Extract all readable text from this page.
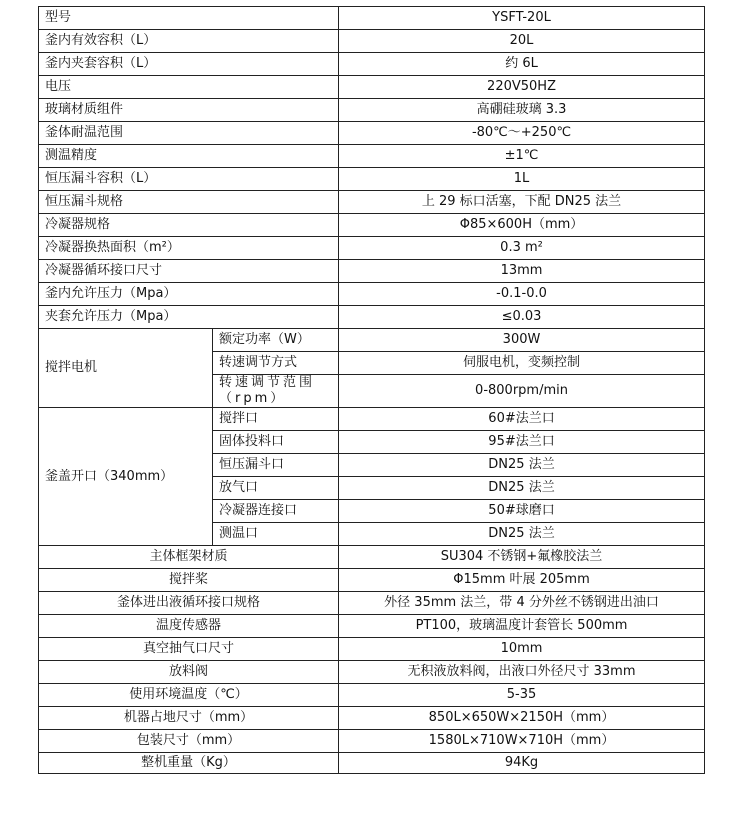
型号		YSFT-20L
釜内有效容积（L）		20L
釜内夹套容积（L）		约 6L
电压		220V50HZ
玻璃材质组件		高硼硅玻璃 3.3
釜体耐温范围		-80℃～+250℃
测温精度		±1℃
恒压漏斗容积（L）		1L
恒压漏斗规格		上 29 标口活塞，下配 DN25 法兰
冷凝器规格		Φ85×600H（mm）
冷凝器换热面积（m²）		0.3 m²
冷凝器循环接口尺寸		13mm
釜内允许压力（Mpa）		-0.1-0.0
夹套允许压力（Mpa）		≤0.03
搅拌电机	额定功率（W）	300W
	转速调节方式	伺服电机，变频控制
	转速调节范围（rpm）	0-800rpm/min
釜盖开口（340mm）	搅拌口	60#法兰口
	固体投料口	95#法兰口
	恒压漏斗口	DN25 法兰
	放气口	DN25 法兰
	冷凝器连接口	50#球磨口
	测温口	DN25 法兰
主体框架材质		SU304 不锈钢+氟橡胶法兰
搅拌桨		Φ15mm 叶展 205mm
釜体进出液循环接口规格		外径 35mm 法兰，带 4 分外丝不锈钢进出油口
温度传感器		PT100，玻璃温度计套管长 500mm
真空抽气口尺寸		10mm
放料阀		无积液放料阀，出液口外径尺寸 33mm
使用环境温度（℃）		5-35
机器占地尺寸（mm）		850L×650W×2150H（mm）
包装尺寸（mm）		1580L×710W×710H（mm）
整机重量（Kg）		94Kg
